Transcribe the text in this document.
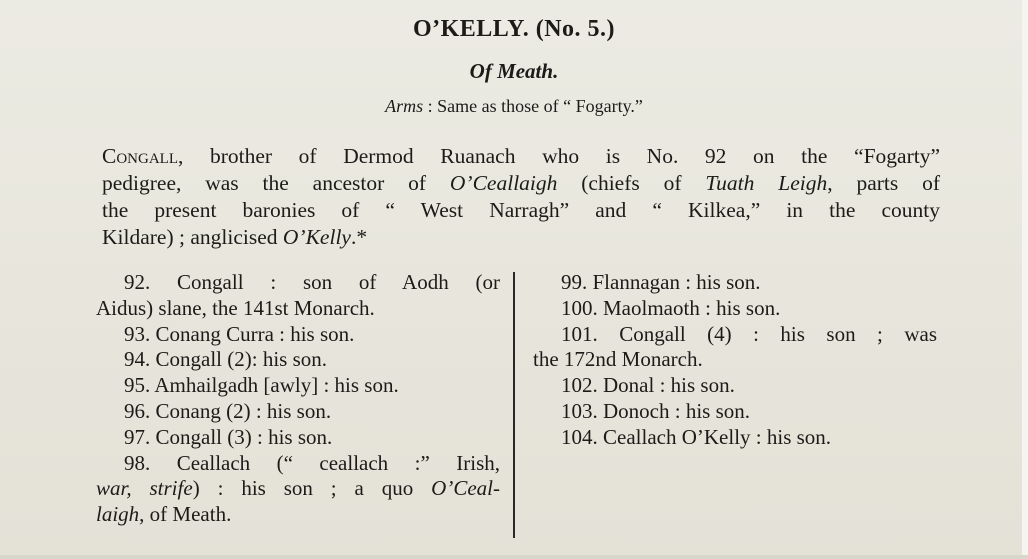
O’KELLY. (No. 5.)
Of Meath.
Arms : Same as those of “ Fogarty.”
Congall, brother of Dermod Ruanach who is No. 92 on the “Fogarty”
pedigree, was the ancestor of O’Ceallaigh (chiefs of Tuath Leigh, parts of
the present baronies of “ West Narragh” and “ Kilkea,” in the county
Kildare) ; anglicised O’Kelly.*
92. Congall : son of Aodh (or
Aidus) slane, the 141st Monarch.
93. Conang Curra : his son.
94. Congall (2): his son.
95. Amhailgadh [awly] : his son.
96. Conang (2) : his son.
97. Congall (3) : his son.
98. Ceallach (“ ceallach :” Irish,
war, strife) : his son ; a quo O’Ceal-
laigh, of Meath.
99. Flannagan : his son.
100. Maolmaoth : his son.
101. Congall (4) : his son ; was
the 172nd Monarch.
102. Donal : his son.
103. Donoch : his son.
104. Ceallach O’Kelly : his son.
